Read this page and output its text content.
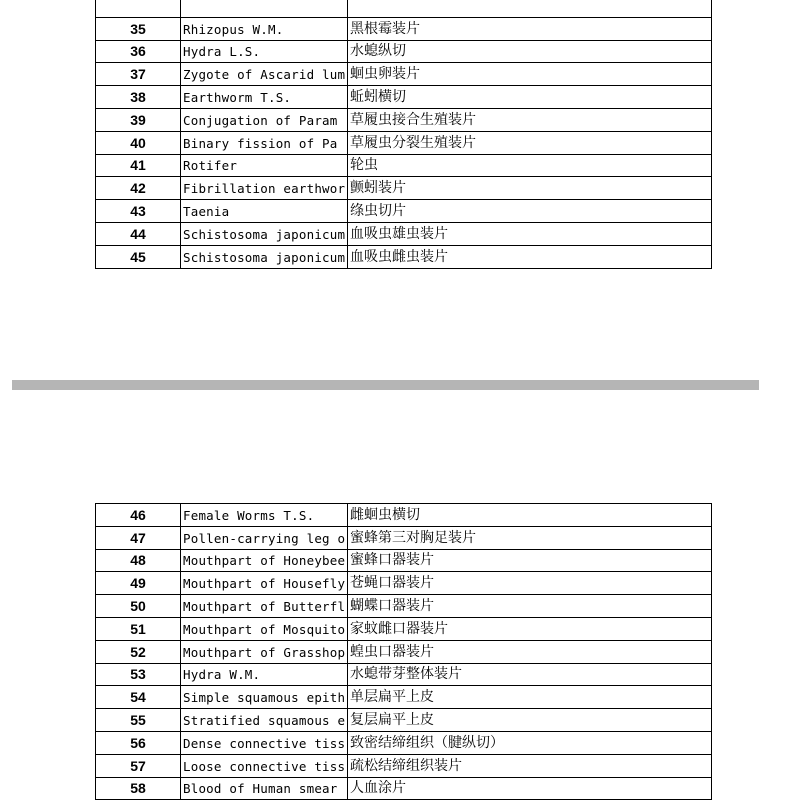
35	Rhizopus W.M.	黑根霉装片
36	Hydra L.S.	水螅纵切
37	Zygote of Ascarid lum	蛔虫卵装片
38	Earthworm T.S.	蚯蚓横切
39	Conjugation of Param	草履虫接合生殖装片
40	Binary fission of Pa	草履虫分裂生殖装片
41	Rotifer	轮虫
42	Fibrillation earthwor	颤蚓装片
43	Taenia	绦虫切片
44	Schistosoma japonicum	血吸虫雄虫装片
45	Schistosoma japonicum	血吸虫雌虫装片
46	Female Worms T.S.	雌蛔虫横切
47	Pollen-carrying leg o	蜜蜂第三对胸足装片
48	Mouthpart of Honeybee	蜜蜂口器装片
49	Mouthpart of Housefly	苍蝇口器装片
50	Mouthpart of Butterfl	蝴蝶口器装片
51	Mouthpart of Mosquito	家蚊雌口器装片
52	Mouthpart of Grasshop	蝗虫口器装片
53	Hydra W.M.	水螅带芽整体装片
54	Simple squamous epith	单层扁平上皮
55	Stratified squamous e	复层扁平上皮
56	Dense connective tiss	致密结缔组织（腱纵切）
57	Loose connective tiss	疏松结缔组织装片
58	Blood of Human smear	人血涂片
